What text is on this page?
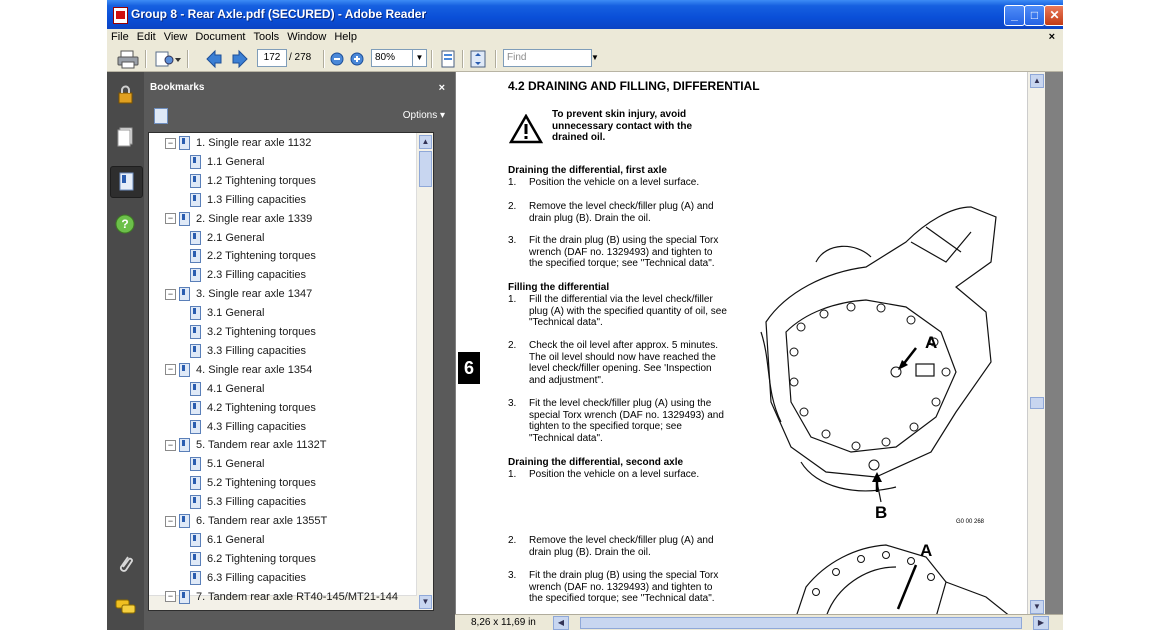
Group 8 - Rear Axle.pdf (SECURED) - Adobe Reader	_	□ ✕
File Edit View Document Tools Window Help	×
172 / 278	80%	▼	Find	▼
?
Bookmarks	×
Options ▾
▲
▼
− 1. Single rear axle 1132
1.1 General
1.2 Tightening torques
1.3 Filling capacities
− 2. Single rear axle 1339
2.1 General
2.2 Tightening torques
2.3 Filling capacities
− 3. Single rear axle 1347
3.1 General
3.2 Tightening torques
3.3 Filling capacities
− 4. Single rear axle 1354
4.1 General
4.2 Tightening torques
4.3 Filling capacities
− 5. Tandem rear axle 1132T
5.1 General
5.2 Tightening torques
5.3 Filling capacities
− 6. Tandem rear axle 1355T
6.1 General
6.2 Tightening torques
6.3 Filling capacities
− 7. Tandem rear axle RT40-145/MT21-144
4.2 DRAINING AND FILLING, DIFFERENTIAL
To prevent skin injury, avoid
unnecessary contact with the
drained oil.
6
A
B	G0 00 268
A
▲
▼
Draining the differential, first axle
1. Position the vehicle on a level surface.
2. Remove the level check/filler plug (A) and
drain plug (B). Drain the oil.
3. Fit the drain plug (B) using the special Torx
wrench (DAF no. 1329493) and tighten to
the specified torque; see "Technical data".
Filling the differential
1. Fill the differential via the level check/filler
plug (A) with the specified quantity of oil, see
"Technical data".
2. Check the oil level after approx. 5 minutes.
The oil level should now have reached the
level check/filler opening. See 'Inspection
and adjustment".
3. Fit the level check/filler plug (A) using the
special Torx wrench (DAF no. 1329493) and
tighten to the specified torque; see
"Technical data".
Draining the differential, second axle
1. Position the vehicle on a level surface.
2. Remove the level check/filler plug (A) and
drain plug (B). Drain the oil.
3. Fit the drain plug (B) using the special Torx
wrench (DAF no. 1329493) and tighten to
the specified torque; see "Technical data".
8,26 x 11,69 in	◀	▶
